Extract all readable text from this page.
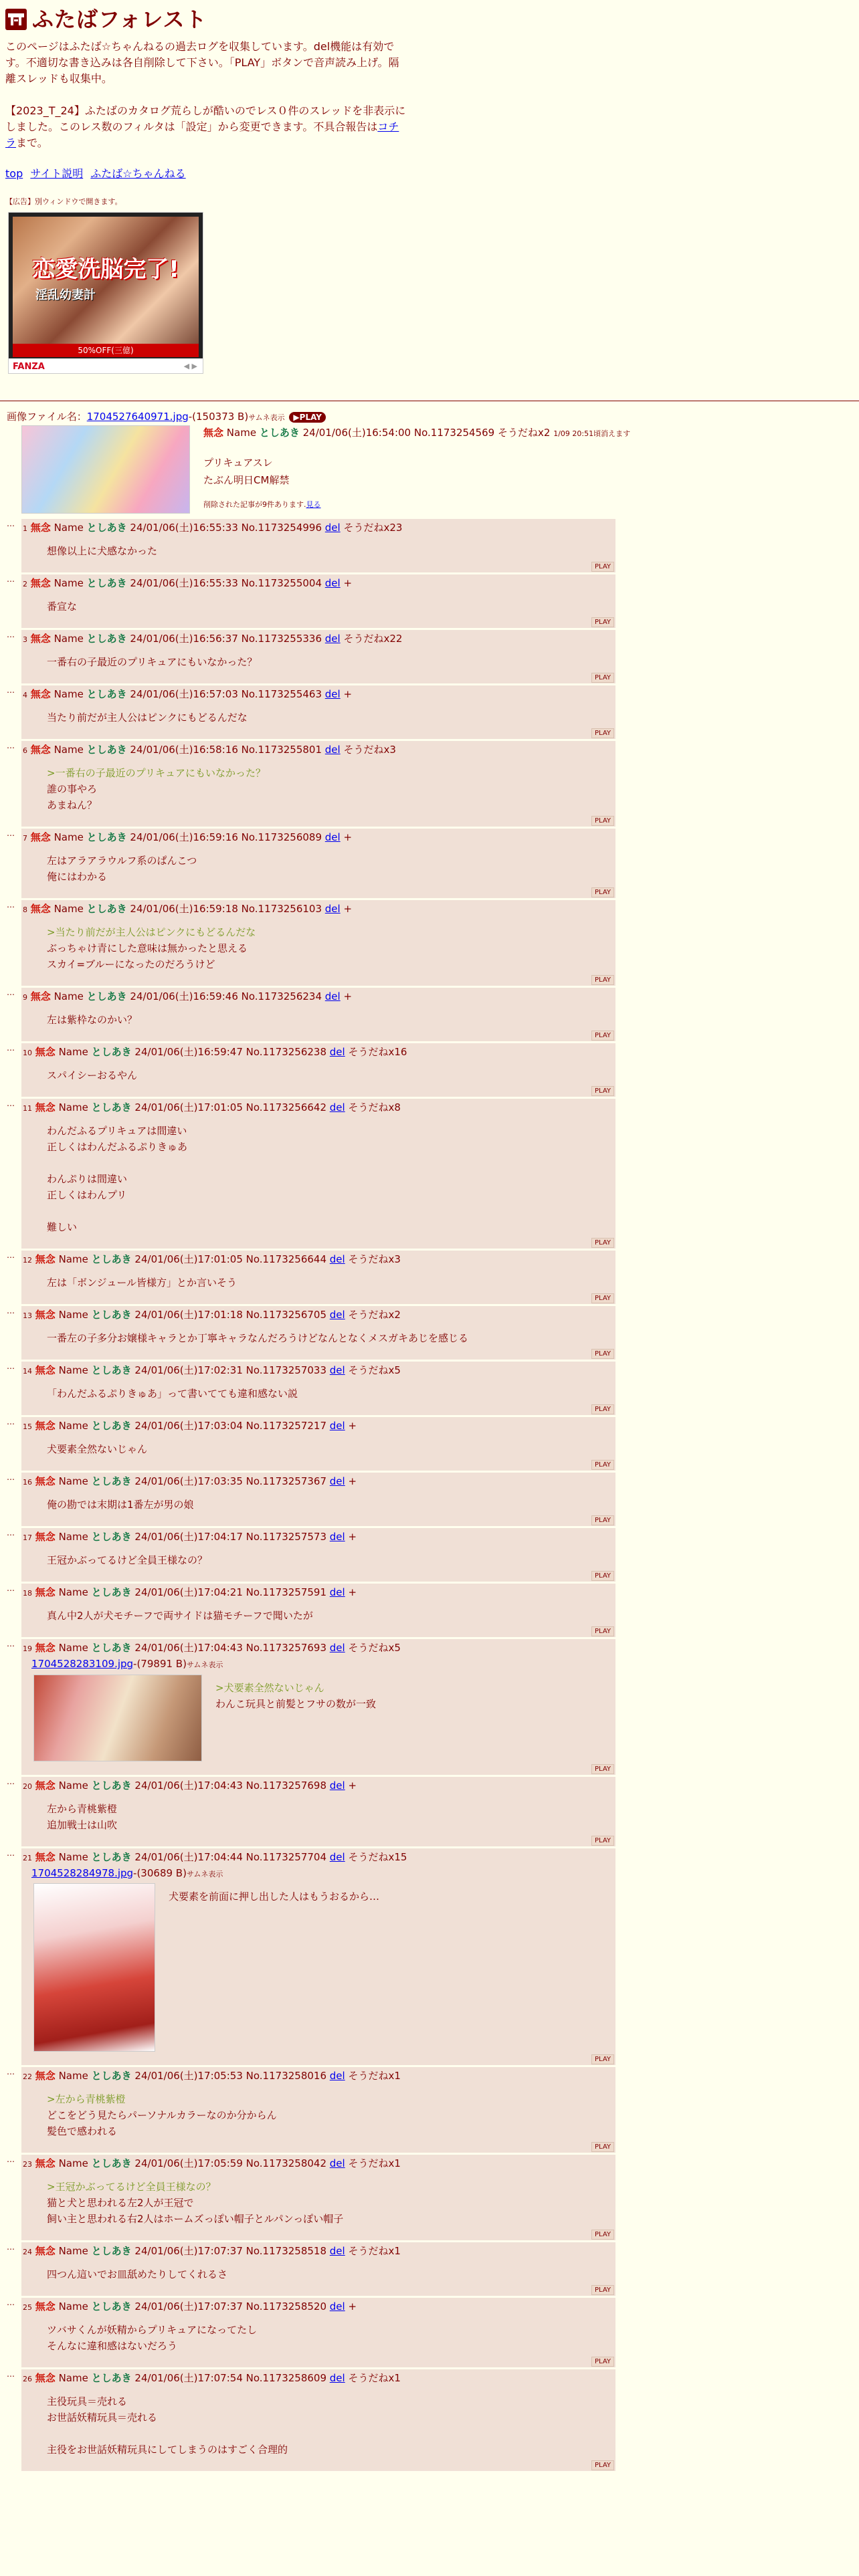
ふたばフォレスト

このページはふたば☆ちゃんねるの過去ログを収集しています。del機能は有効です。不適切な書き込みは各自削除して下さい。「PLAY」ボタンで音声読み上げ。隔離スレッドも収集中。

【2023_T_24】ふたばのカタログ荒らしが酷いのでレス０件のスレッドを非表示にしました。このレス数のフィルタは「設定」から変更できます。不具合報告はコチラまで。

top サイト説明 ふたば☆ちゃんねる
【広告】別ウィンドウで開きます。
恋愛洗脳完了!
淫乱幼妻計
50%OFF(三億)
FANZA	◀ ▶
画像ファイル名：1704527640971.jpg-(150373 B)サムネ表示 ▶PLAY
無念 Name としあき 24/01/06(土)16:54:00 No.1173254569 そうだねx2 1/09 20:51頃消えます
プリキュアスレ
たぶん明日CM解禁
削除された記事が9件あります.見る
…
1 無念 Name としあき 24/01/06(土)16:55:33 No.1173254996 del そうだねx23
想像以上に犬感なかった
PLAY
…
2 無念 Name としあき 24/01/06(土)16:55:33 No.1173255004 del +
番宣な
PLAY
…
3 無念 Name としあき 24/01/06(土)16:56:37 No.1173255336 del そうだねx22
一番右の子最近のプリキュアにもいなかった？
PLAY
…
4 無念 Name としあき 24/01/06(土)16:57:03 No.1173255463 del +
当たり前だが主人公はピンクにもどるんだな
PLAY
…
6 無念 Name としあき 24/01/06(土)16:58:16 No.1173255801 del そうだねx3
>一番右の子最近のプリキュアにもいなかった？
誰の事やろ
あまねん？
PLAY
…
7 無念 Name としあき 24/01/06(土)16:59:16 No.1173256089 del +
左はアラアラウルフ系のぱんこつ
俺にはわかる
PLAY
…
8 無念 Name としあき 24/01/06(土)16:59:18 No.1173256103 del +
>当たり前だが主人公はピンクにもどるんだな
ぶっちゃけ青にした意味は無かったと思える
スカイ=ブルーになったのだろうけど
PLAY
…
9 無念 Name としあき 24/01/06(土)16:59:46 No.1173256234 del +
左は紫枠なのかい？
PLAY
…
10 無念 Name としあき 24/01/06(土)16:59:47 No.1173256238 del そうだねx16
スパイシーおるやん
PLAY
…
11 無念 Name としあき 24/01/06(土)17:01:05 No.1173256642 del そうだねx8
わんだふるプリキュアは間違い
正しくはわんだふるぷりきゅあ

わんぷりは間違い
正しくはわんプリ

難しい
PLAY
…
12 無念 Name としあき 24/01/06(土)17:01:05 No.1173256644 del そうだねx3
左は「ボンジュール皆様方」とか言いそう
PLAY
…
13 無念 Name としあき 24/01/06(土)17:01:18 No.1173256705 del そうだねx2
一番左の子多分お嬢様キャラとか丁寧キャラなんだろうけどなんとなくメスガキあじを感じる
PLAY
…
14 無念 Name としあき 24/01/06(土)17:02:31 No.1173257033 del そうだねx5
「わんだふるぷりきゅあ」って書いてても違和感ない説
PLAY
…
15 無念 Name としあき 24/01/06(土)17:03:04 No.1173257217 del +
犬要素全然ないじゃん
PLAY
…
16 無念 Name としあき 24/01/06(土)17:03:35 No.1173257367 del +
俺の勘では末期は1番左が男の娘
PLAY
…
17 無念 Name としあき 24/01/06(土)17:04:17 No.1173257573 del +
王冠かぶってるけど全員王様なの？
PLAY
…
18 無念 Name としあき 24/01/06(土)17:04:21 No.1173257591 del +
真ん中2人が犬モチーフで両サイドは猫モチーフで聞いたが
PLAY
…
19 無念 Name としあき 24/01/06(土)17:04:43 No.1173257693 del そうだねx5
1704528283109.jpg-(79891 B)サムネ表示
>犬要素全然ないじゃん
わんこ玩具と前髪とフサの数が一致
PLAY
…
20 無念 Name としあき 24/01/06(土)17:04:43 No.1173257698 del +
左から青桃紫橙
追加戦士は山吹
PLAY
…
21 無念 Name としあき 24/01/06(土)17:04:44 No.1173257704 del そうだねx15
1704528284978.jpg-(30689 B)サムネ表示
犬要素を前面に押し出した人はもうおるから…
PLAY
…
22 無念 Name としあき 24/01/06(土)17:05:53 No.1173258016 del そうだねx1
>左から青桃紫橙
どこをどう見たらパーソナルカラーなのか分からん
髪色で感われる
PLAY
…
23 無念 Name としあき 24/01/06(土)17:05:59 No.1173258042 del そうだねx1
>王冠かぶってるけど全員王様なの？
猫と犬と思われる左2人が王冠で
飼い主と思われる右2人はホームズっぽい帽子とルパンっぽい帽子
PLAY
…
24 無念 Name としあき 24/01/06(土)17:07:37 No.1173258518 del そうだねx1
四つん這いでお皿舐めたりしてくれるさ
PLAY
…
25 無念 Name としあき 24/01/06(土)17:07:37 No.1173258520 del +
ツバサくんが妖精からプリキュアになってたし
そんなに違和感はないだろう
PLAY
…
26 無念 Name としあき 24/01/06(土)17:07:54 No.1173258609 del そうだねx1
主役玩具＝売れる
お世話妖精玩具＝売れる

主役をお世話妖精玩具にしてしまうのはすごく合理的
PLAY
